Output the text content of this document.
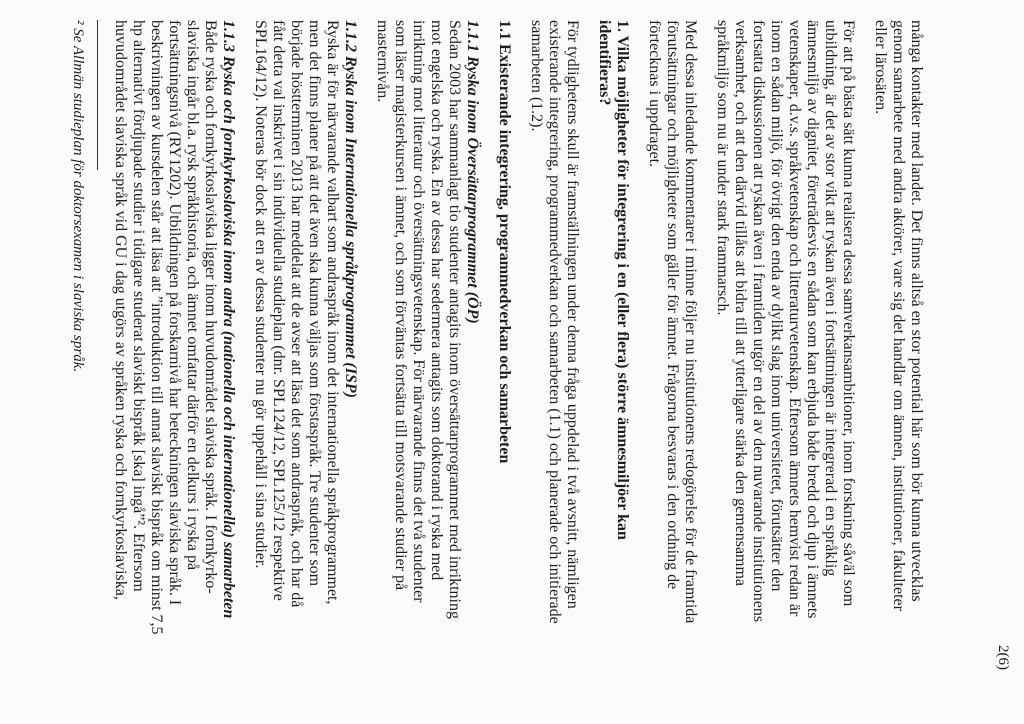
2(6)
många kontakter med landet. Det finns alltså en stor potential här som bör kunna utvecklas
genom samarbete med andra aktörer, vare sig det handlar om ämnen, institutioner, fakulteter
eller lärosäten.
För att på bästa sätt kunna realisera dessa samverkansambitioner, inom forskning såväl som
utbildning, är det av stor vikt att ryskan även i fortsättningen är integrerad i en språklig
ämnesmiljö av dignitet, företrädesvis en sådan som kan erbjuda både bredd och djup i ämnets
vetenskaper, d.v.s. språkvetenskap och litteraturvetenskap. Eftersom ämnets hemvist redan är
inom en sådan miljö, för övrigt den enda av dylikt slag inom universitetet, förutsätter den
fortsatta diskussionen att ryskan även i framtiden utgör en del av den nuvarande institutionens
verksamhet, och att den därvid tillåts att bidra till att ytterligare stärka den gemensamma
språkmiljö som nu är under stark frammarsch.
Med dessa inledande kommentarer i minne följer nu institutionens redogörelse för de framtida
förutsättningar och möjligheter som gäller för ämnet. Frågorna besvaras i den ordning de
förtecknas i uppdraget.
1. Vilka möjligheter för integrering i en (eller flera) större ämnesmiljöer kan
identifieras?
För tydlighetens skull är framställningen under denna fråga uppdelad i två avsnitt, nämligen
existerande integrering, programmedverkan och samarbeten (1.1) och planerade och initierade
samarbeten (1.2).
1.1 Existerande integrering, programmedverkan och samarbeten
1.1.1 Ryska inom Översättarprogrammet (ÖP)
Sedan 2003 har sammanlagt tio studenter antagits inom översättarprogrammet med inriktning
mot engelska och ryska. En av dessa har sedermera antagits som doktorand i ryska med
inriktning mot litteratur och översättningsvetenskap. För närvarande finns det två studenter
som läser magisterkursen i ämnet, och som förväntas fortsätta till motsvarande studier på
masternivån.
1.1.2 Ryska inom Internationella språkprogrammet (ISP)
Ryska är för närvarande valbart som andraspråk inom det internationella språkprogrammet,
men det finns planer på att det även ska kunna väljas som förstaspråk. Tre studenter som
började höstterminen 2013 har meddelat att de avser att läsa det som andraspråk, och har då
fått detta val inskrivet i sin individuella studieplan (dnr. SPL124/12, SPL125/12 respektive
SPL164/12). Noteras bör dock att en av dessa studenter nu gör uppehåll i sina studier.
1.1.3 Ryska och fornkyrkoslaviska inom andra (nationella och internationella) samarbeten
Både ryska och fornkyrkoslaviska ligger inom huvudområdet slaviska språk. I fornkyrko-
slaviska ingår bl.a. rysk språkhistoria, och ämnet omfattar därför en delkurs i ryska på
fortsättningsnivå (RY1202). Utbildningen på forskarnivå har beteckningen slaviska språk. I
beskrivningen av kursdelen står att läsa att ”introduktion till annat slaviskt bispråk om minst 7,5
hp alternativt fördjupade studier i tidigare studerat slaviskt bispråk [ska] ingå”². Eftersom
huvudområdet slaviska språk vid GU i dag utgörs av språken ryska och fornkyrkoslaviska,
² Se Allmän studieplan för doktorsexamen i slaviska språk.
